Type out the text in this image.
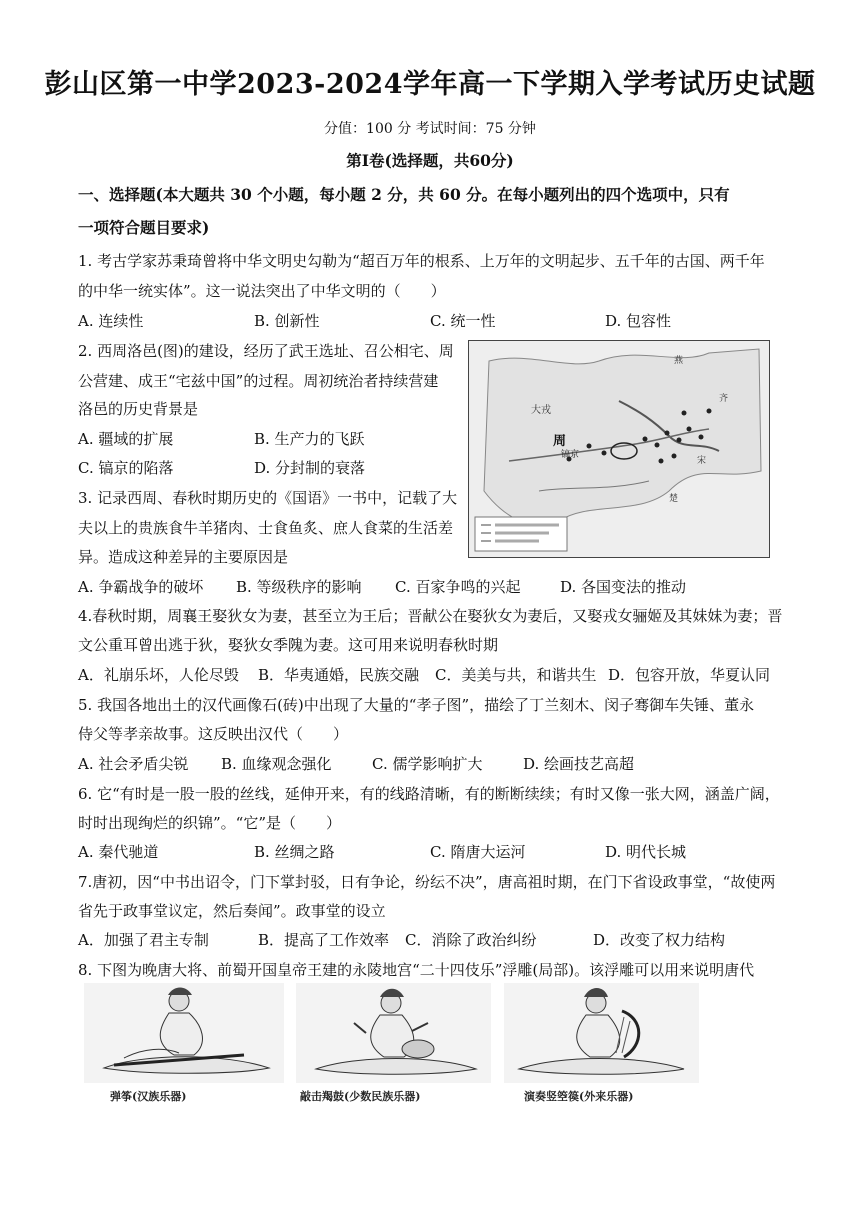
彭山区第一中学2023-2024学年高一下学期入学考试历史试题
分值：100 分 考试时间：75 分钟
第Ⅰ卷(选择题，共60分)
一、选择题(本大题共 30 个小题，每小题 2 分，共 60 分。在每小题列出的四个选项中，只有
一项符合题目要求)
1. 考古学家苏秉琦曾将中华文明史勾勒为“超百万年的根系、上万年的文明起步、五千年的古国、两千年
的中华一统实体”。这一说法突出了中华文明的（　　）
A. 连续性	B. 创新性	C. 统一性	D. 包容性
2. 西周洛邑(图)的建设，经历了武王选址、召公相宅、周
公营建、成王“宅兹中国”的过程。周初统治者持续营建
洛邑的历史背景是
A. 疆域的扩展	B. 生产力的飞跃
C. 镐京的陷落	D. 分封制的衰落
大戎
周
镐京
燕
齐
宋
楚
3. 记录西周、春秋时期历史的《国语》一书中，记载了大
夫以上的贵族食牛羊猪肉、士食鱼炙、庶人食菜的生活差
异。造成这种差异的主要原因是
A. 争霸战争的破坏 B. 等级秩序的影响 C. 百家争鸣的兴起	D. 各国变法的推动
4.春秋时期，周襄王娶狄女为妻，甚至立为王后；晋献公在娶狄女为妻后，又娶戎女骊姬及其妹妹为妻；晋
文公重耳曾出逃于狄，娶狄女季隗为妻。这可用来说明春秋时期
A．礼崩乐坏，人伦尽毁 B．华夷通婚，民族交融 C．美美与共，和谐共生 D．包容开放，华夏认同
5. 我国各地出土的汉代画像石(砖)中出现了大量的“孝子图”，描绘了丁兰刻木、闵子骞御车失锤、董永
侍父等孝亲故事。这反映出汉代（　　）
A. 社会矛盾尖锐 B. 血缘观念强化	C. 儒学影响扩大	D. 绘画技艺高超
6. 它“有时是一股一股的丝线，延伸开来，有的线路清晰，有的断断续续；有时又像一张大网，涵盖广阔，
时时出现绚烂的织锦”。“它”是（　　）
A. 秦代驰道	B. 丝绸之路	C. 隋唐大运河	D. 明代长城
7.唐初，因“中书出诏令，门下掌封驳，日有争论，纷纭不决”，唐高祖时期，在门下省设政事堂，“故使两
省先于政事堂议定，然后奏闻”。政事堂的设立
A．加强了君主专制	B．提高了工作效率 C．消除了政治纠纷	D．改变了权力结构
8. 下图为晚唐大将、前蜀开国皇帝王建的永陵地宫“二十四伎乐”浮雕(局部)。该浮雕可以用来说明唐代
弹筝(汉族乐器)	敲击羯鼓(少数民族乐器)	演奏竖箜篌(外来乐器)
